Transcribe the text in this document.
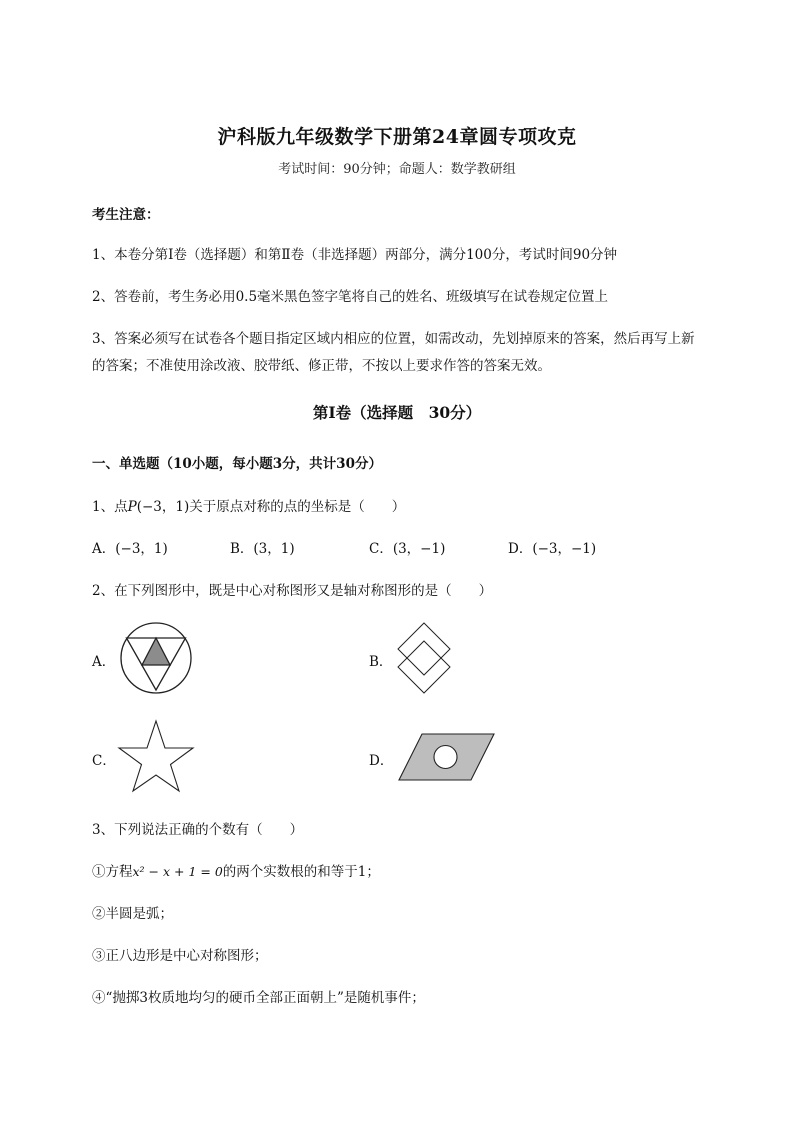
沪科版九年级数学下册第24章圆专项攻克
考试时间：90分钟；命题人：数学教研组
考生注意：
1、本卷分第I卷（选择题）和第Ⅱ卷（非选择题）两部分，满分100分，考试时间90分钟
2、答卷前，考生务必用0.5毫米黑色签字笔将自己的姓名、班级填写在试卷规定位置上
3、答案必须写在试卷各个题目指定区域内相应的位置，如需改动，先划掉原来的答案，然后再写上新
的答案；不准使用涂改液、胶带纸、修正带，不按以上要求作答的答案无效。
第I卷（选择题　30分）
一、单选题（10小题，每小题3分，共计30分）
1、点P(−3，1)关于原点对称的点的坐标是（　　）
A．(−3，1)	B．(3，1)	C．(3，−1)	D．(−3，−1)
2、在下列图形中，既是中心对称图形又是轴对称图形的是（　　）
A．	B．
C．	D．
3、下列说法正确的个数有（　　）
①方程x² − x + 1 = 0的两个实数根的和等于1；
②半圆是弧；
③正八边形是中心对称图形；
④“抛掷3枚质地均匀的硬币全部正面朝上”是随机事件；
